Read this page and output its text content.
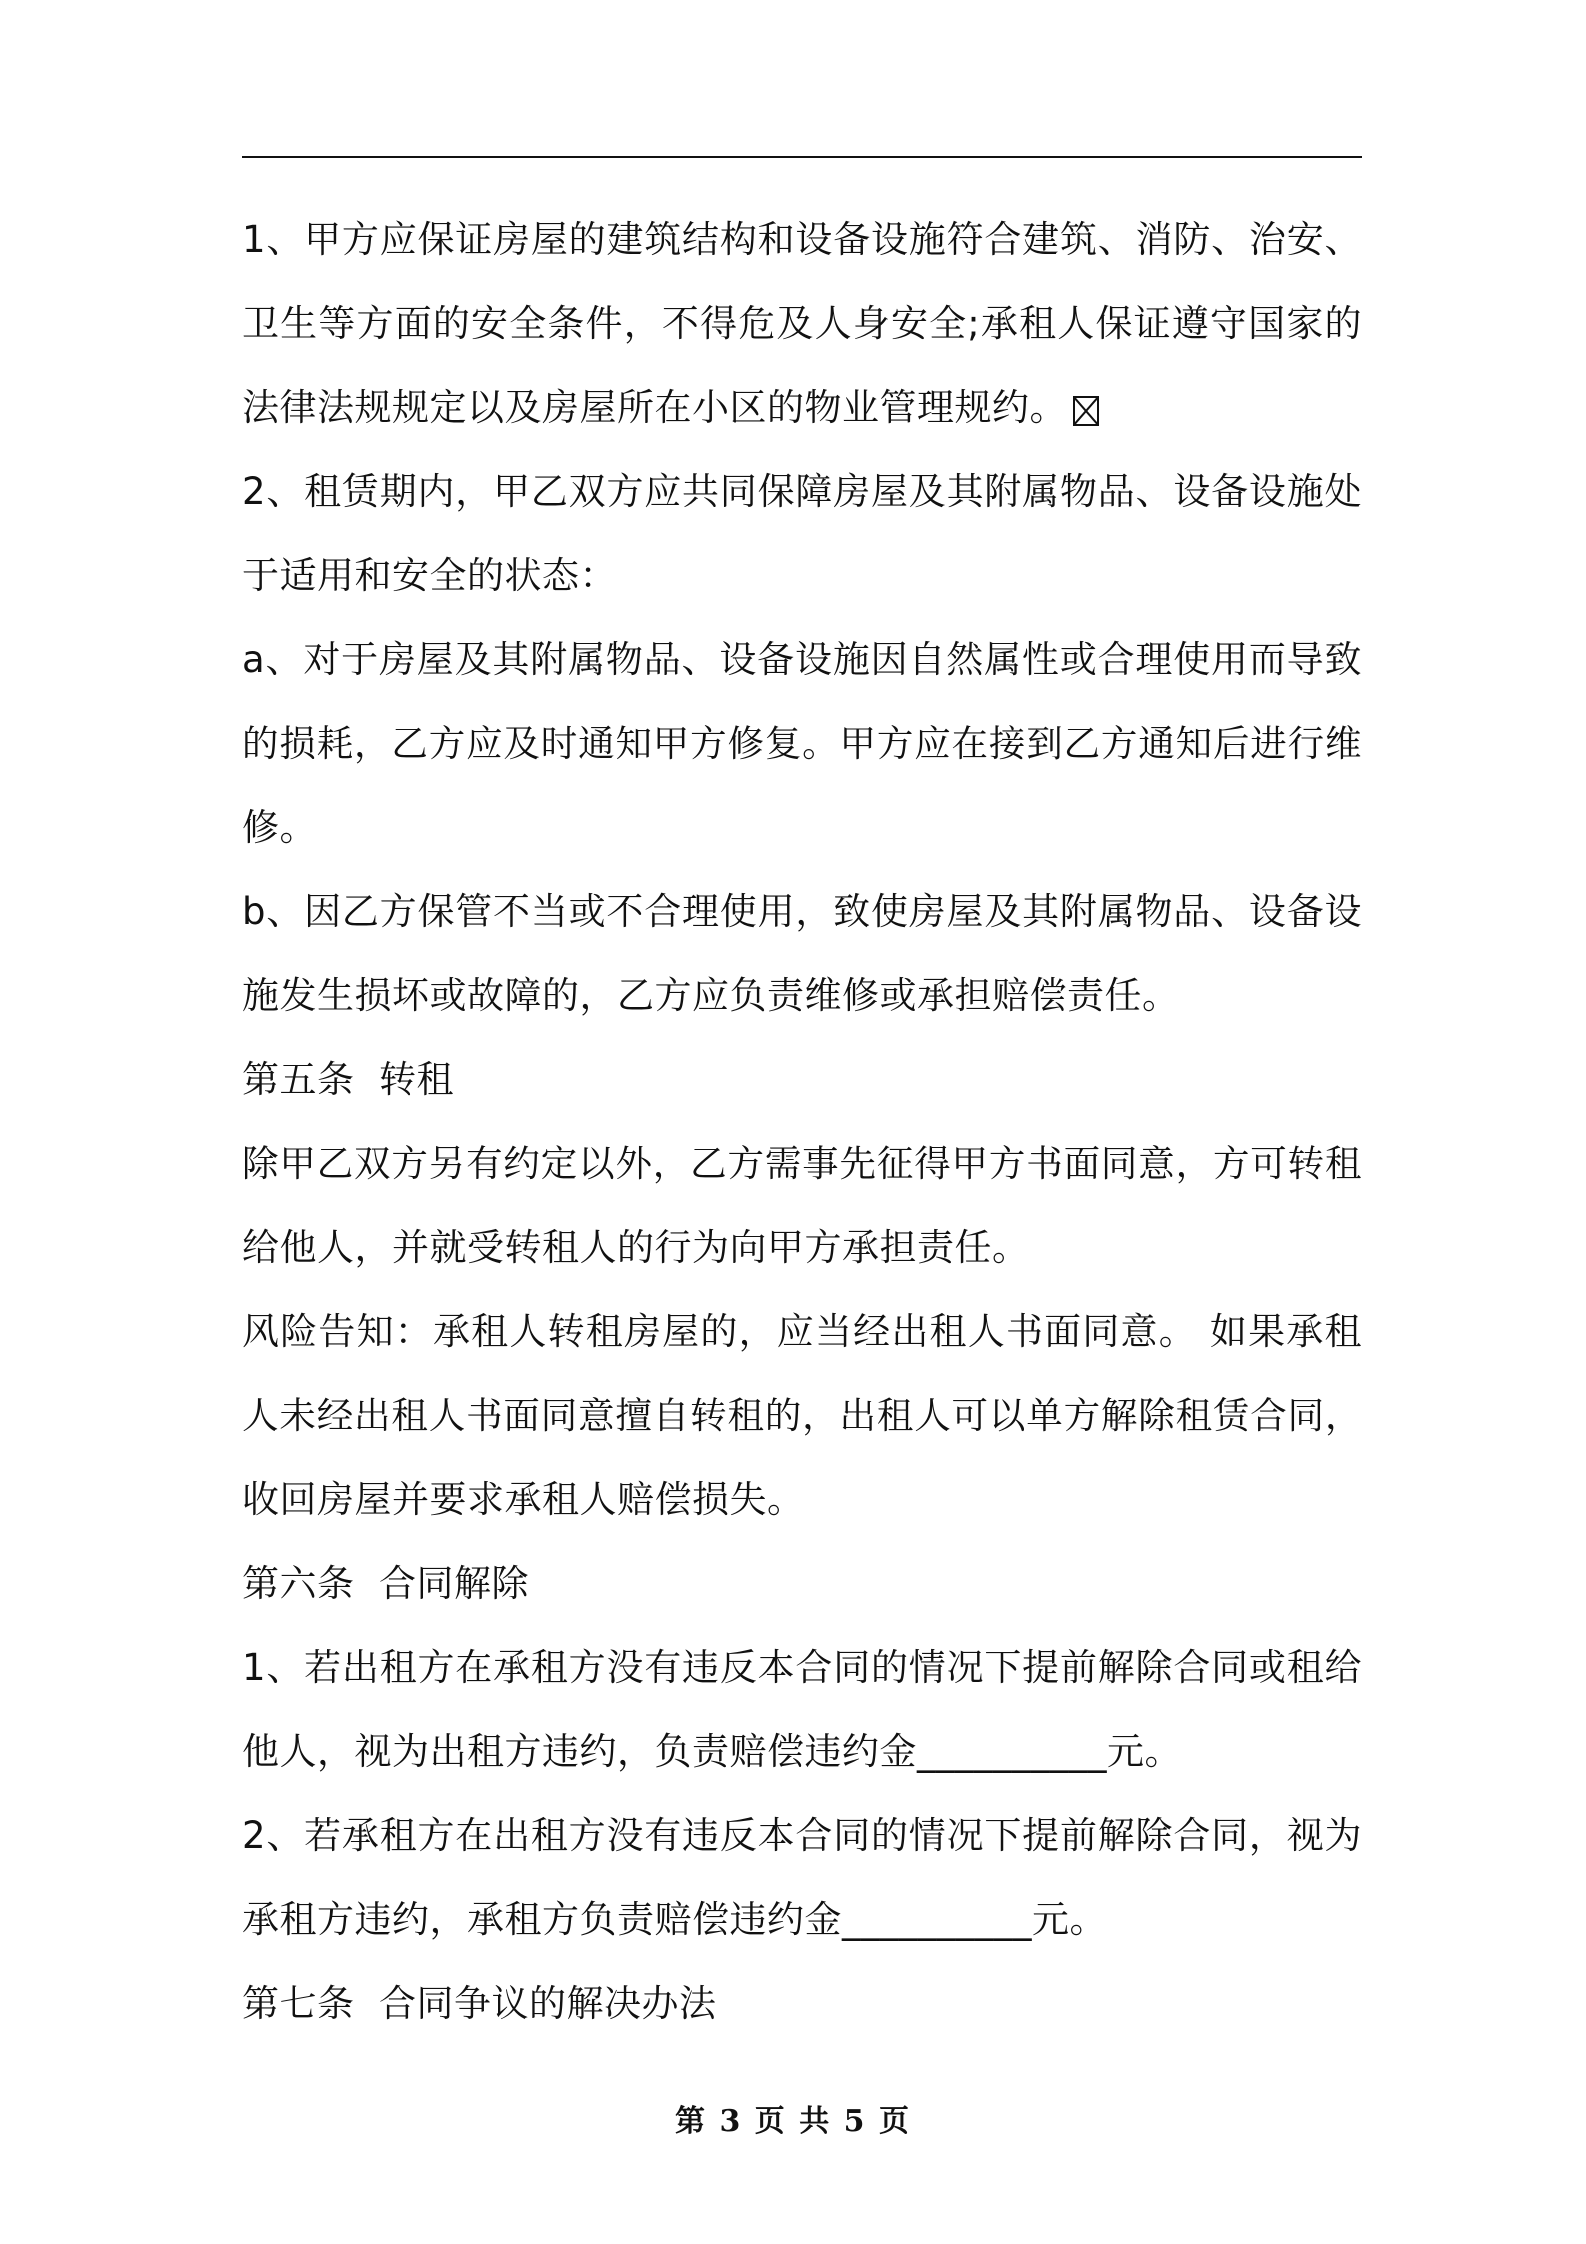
1、甲方应保证房屋的建筑结构和设备设施符合建筑、消防、治安、
卫生等方面的安全条件，不得危及人身安全;承租人保证遵守国家的
法律法规规定以及房屋所在小区的物业管理规约。
2、租赁期内，甲乙双方应共同保障房屋及其附属物品、设备设施处
于适用和安全的状态：
a、对于房屋及其附属物品、设备设施因自然属性或合理使用而导致
的损耗，乙方应及时通知甲方修复。甲方应在接到乙方通知后进行维
修。
b、因乙方保管不当或不合理使用，致使房屋及其附属物品、设备设
施发生损坏或故障的，乙方应负责维修或承担赔偿责任。
第五条  转租
除甲乙双方另有约定以外，乙方需事先征得甲方书面同意，方可转租
给他人，并就受转租人的行为向甲方承担责任。
风险告知：承租人转租房屋的，应当经出租人书面同意。 如果承租
人未经出租人书面同意擅自转租的，出租人可以单方解除租赁合同，
收回房屋并要求承租人赔偿损失。
第六条  合同解除
1、若出租方在承租方没有违反本合同的情况下提前解除合同或租给
他人，视为出租方违约，负责赔偿违约金__________元。
2、若承租方在出租方没有违反本合同的情况下提前解除合同，视为
承租方违约，承租方负责赔偿违约金__________元。
第七条  合同争议的解决办法
第 3 页 共 5 页
